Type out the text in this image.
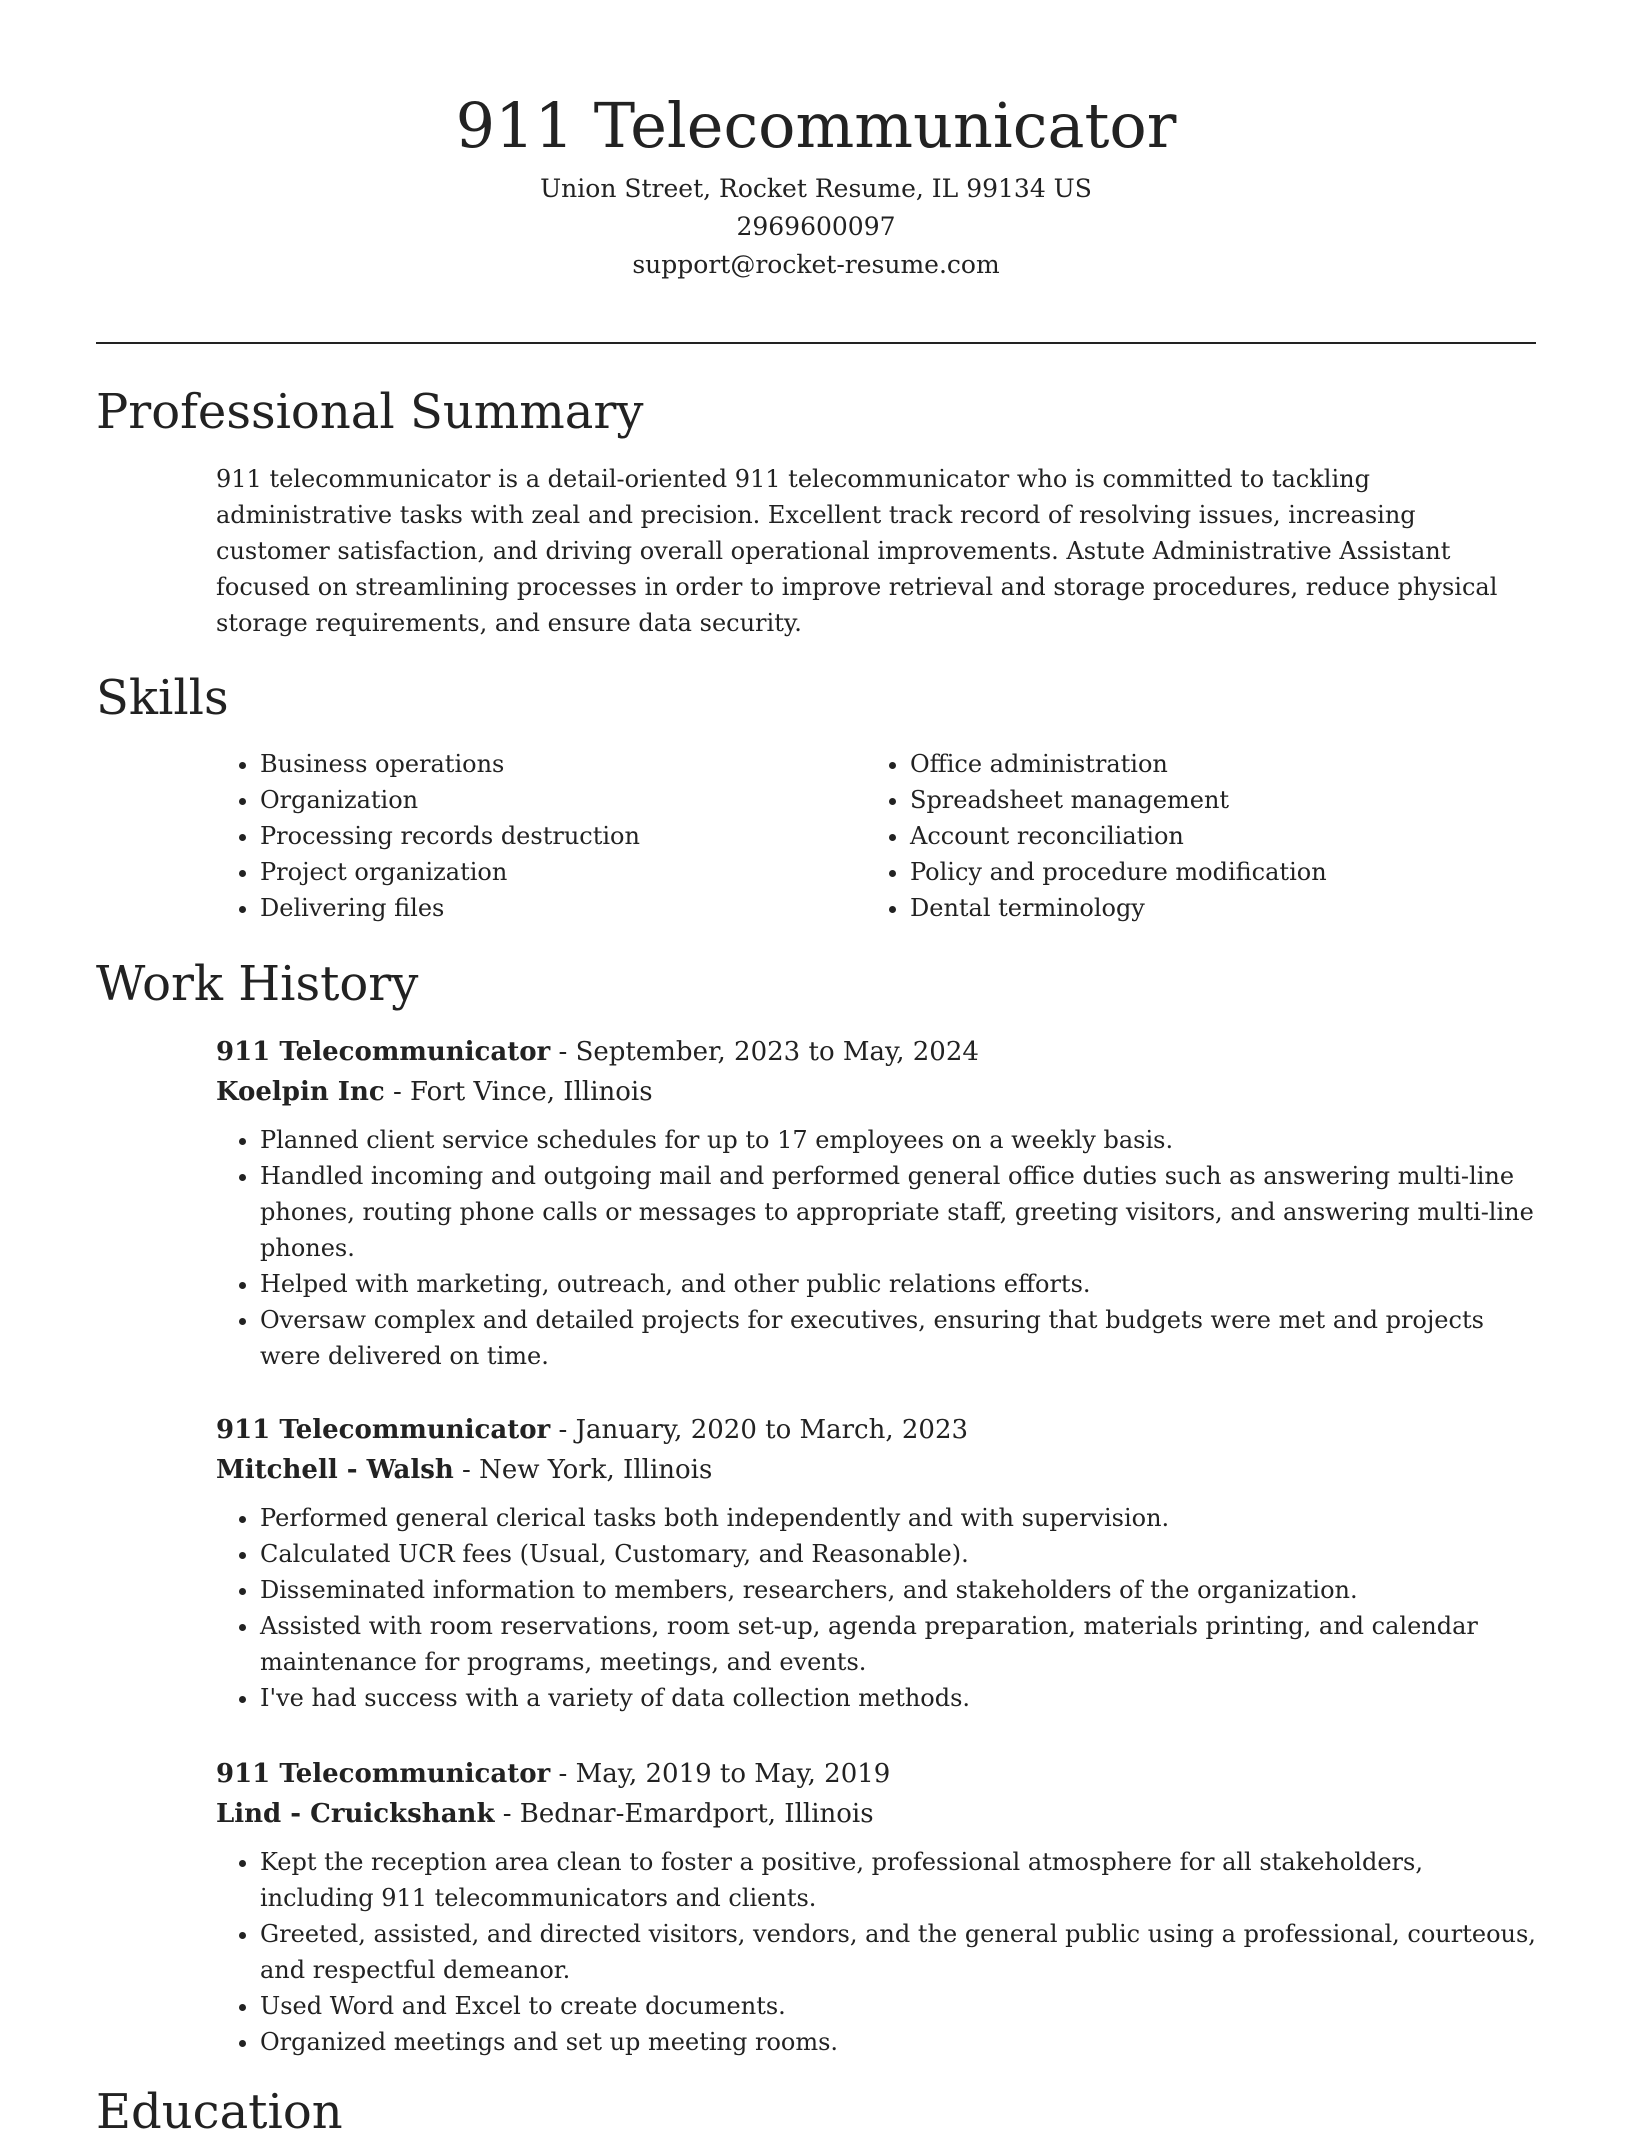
911 Telecommunicator
Union Street, Rocket Resume, IL 99134 US
2969600097
support@rocket-resume.com
Professional Summary
911 telecommunicator is a detail-oriented 911 telecommunicator who is committed to tackling administrative tasks with zeal and precision. Excellent track record of resolving issues, increasing customer satisfaction, and driving overall operational improvements. Astute Administrative Assistant focused on streamlining processes in order to improve retrieval and storage procedures, reduce physical storage requirements, and ensure data security.
Skills
• Business operations
• Organization
• Processing records destruction
• Project organization
• Delivering files
• Office administration
• Spreadsheet management
• Account reconciliation
• Policy and procedure modification
• Dental terminology
Work History
911 Telecommunicator - September, 2023 to May, 2024
Koelpin Inc - Fort Vince, Illinois
• Planned client service schedules for up to 17 employees on a weekly basis.
• Handled incoming and outgoing mail and performed general office duties such as answering multi-line phones, routing phone calls or messages to appropriate staff, greeting visitors, and answering multi-line phones.
• Helped with marketing, outreach, and other public relations efforts.
• Oversaw complex and detailed projects for executives, ensuring that budgets were met and projects were delivered on time.
911 Telecommunicator - January, 2020 to March, 2023
Mitchell - Walsh - New York, Illinois
• Performed general clerical tasks both independently and with supervision.
• Calculated UCR fees (Usual, Customary, and Reasonable).
• Disseminated information to members, researchers, and stakeholders of the organization.
• Assisted with room reservations, room set-up, agenda preparation, materials printing, and calendar maintenance for programs, meetings, and events.
• I've had success with a variety of data collection methods.
911 Telecommunicator - May, 2019 to May, 2019
Lind - Cruickshank - Bednar-Emardport, Illinois
• Kept the reception area clean to foster a positive, professional atmosphere for all stakeholders, including 911 telecommunicators and clients.
• Greeted, assisted, and directed visitors, vendors, and the general public using a professional, courteous, and respectful demeanor.
• Used Word and Excel to create documents.
• Organized meetings and set up meeting rooms.
Education
